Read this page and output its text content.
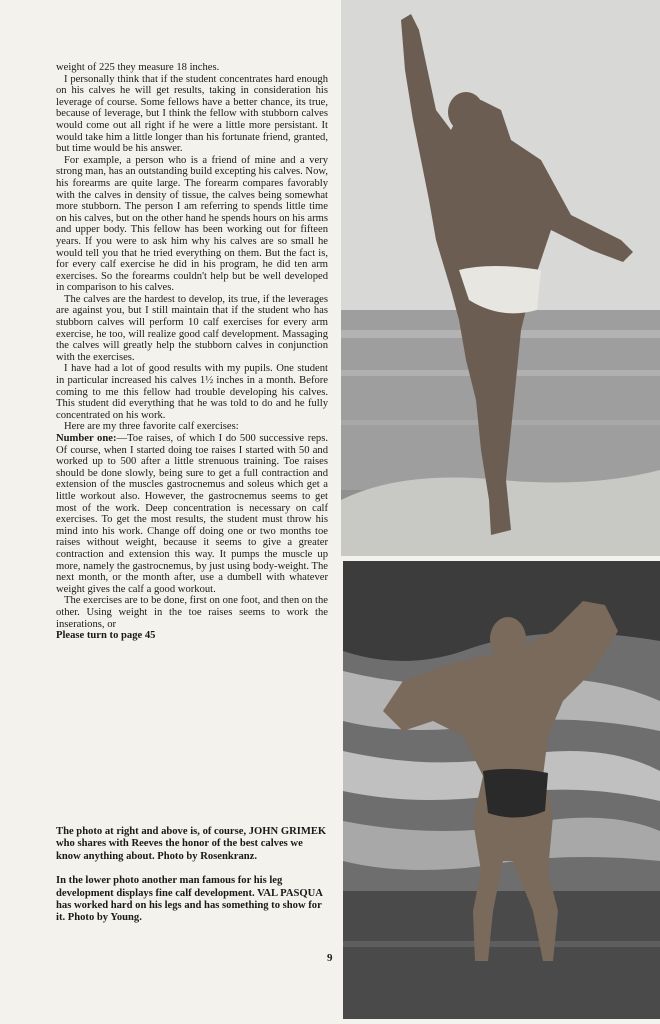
weight of 225 they measure 18 inches.

I personally think that if the student concentrates hard enough on his calves he will get results, taking in consideration his leverage of course. Some fellows have a better chance, its true, because of leverage, but I think the fellow with stubborn calves would come out all right if he were a little more persistant. It would take him a little longer than his fortunate friend, granted, but time would be his answer.

For example, a person who is a friend of mine and a very strong man, has an outstanding build excepting his calves. Now, his forearms are quite large. The forearm compares favorably with the calves in density of tissue, the calves being somewhat more stubborn. The person I am referring to spends little time on his calves, but on the other hand he spends hours on his arms and upper body. This fellow has been working out for fifteen years. If you were to ask him why his calves are so small he would tell you that he tried everything on them. But the fact is, for every calf exercise he did in his program, he did ten arm exercises. So the forearms couldn't help but be well developed in comparison to his calves.

The calves are the hardest to develop, its true, if the leverages are against you, but I still maintain that if the student who has stubborn calves will perform 10 calf exercises for every arm exercise, he too, will realize good calf development. Massaging the calves will greatly help the stubborn calves in conjunction with the exercises.

I have had a lot of good results with my pupils. One student in particular increased his calves 1½ inches in a month. Before coming to me this fellow had trouble developing his calves. This student did everything that he was told to do and he fully concentrated on his work.

Here are my three favorite calf exercises:

Number one:—Toe raises, of which I do 500 successive reps. Of course, when I started doing toe raises I started with 50 and worked up to 500 after a little strenuous training. Toe raises should be done slowly, being sure to get a full contraction and extension of the muscles gastrocnemus and soleus which get a little workout also. However, the gastrocnemus seems to get most of the work. Deep concentration is necessary on calf exercises. To get the most results, the student must throw his mind into his work. Change off doing one or two months toe raises without weight, because it seems to give a greater contraction and extension this way. It pumps the muscle up more, namely the gastrocnemus, by just using body-weight. The next month, or the month after, use a dumbell with whatever weight gives the calf a good workout.

The exercises are to be done, first on one foot, and then on the other. Using weight in the toe raises seems to work the inserations, or

Please turn to page 45

The photo at right and above is, of course, JOHN GRIMEK who shares with Reeves the honor of the best calves we know anything about. Photo by Rosenkranz.

In the lower photo another man famous for his leg development displays fine calf development. VAL PASQUA has worked hard on his legs and has something to show for it. Photo by Young.

9
